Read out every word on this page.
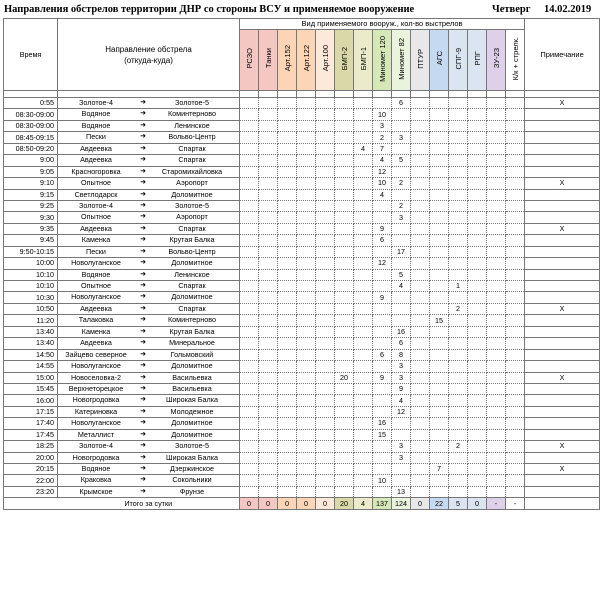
Направления обстрелов территории ДНР со стороны ВСУ и применяемое вооружение	Четверг 14.02.2019
Время	Направление обстрела (откуда-куда)	Вид применяемого вооруж., кол-во выстрелов															Примечание
		РСЗО	Танки	Арт.152	Арт.122	Арт.100	БМП-2	БМП-1	Миномет 120	Миномет 82	ПТУР	АГС	СПГ-9	РПГ	ЗУ-23	К/к + стрелк.	

0:55	Золотое-4 ➜ Золотое-5									6							X
08:30-09:00	Водяное ➜ Коминтерново								10								
08:30-09:00	Водяное ➜ Ленинское								3								
08:45-09:15	Пески ➜ Вольво-Центр								2	3							
08:50-09:20	Авдеевка ➜ Спартак							4	7								
9:00	Авдеевка ➜ Спартак								4	5							
9:05	Красногоровка ➜ Старомихайловка								12								
9:10	Опытное ➜ Аэропорт								10	2							X
9:15	Светлодарск ➜ Доломитное								4								
9:25	Золотое-4 ➜ Золотое-5									2							
9:30	Опытное ➜ Аэропорт									3							
9:35	Авдеевка ➜ Спартак								9								X
9:45	Каменка ➜ Крутая Балка								6								
9:50-10:15	Пески ➜ Вольво-Центр									17							
10:00	Новолуганское ➜ Доломитное								12								
10:10	Водяное ➜ Ленинское									5							
10:10	Опытное ➜ Спартак									4			1				
10:30	Новолуганское ➜ Доломитное								9								
10:50	Авдеевка ➜ Спартак												2				X
11:20	Талаковка ➜ Коминтерново											15					
13:40	Каменка ➜ Крутая Балка									16							
13:40	Авдеевка ➜ Минеральное									6							
14:50	Зайцево северное ➜ Гольмовский								6	8							
14:55	Новолуганское ➜ Доломитное									3							
15:00	Новоселовка-2 ➜ Васильевка						20		9	3							X
15:45	Верхнеторецкое ➜ Васильевка									9							
16:00	Новогродовка ➜ Широкая Балка									4							
17:15	Катериновка ➜ Молодежное									12							
17:40	Новолуганское ➜ Доломитное								16								
17:45	Металлист ➜ Доломитное								15								
18:25	Золотое-4 ➜ Золотое-5									3			2				X
20:00	Новогродовка ➜ Широкая Балка									3							
20:15	Водяное ➜ Дзержинское											7					X
22:00	Краковка ➜ Сокольники								10								
23:20	Крымское ➜ Фрунзе									13							
	Итого за сутки	0	0	0	0	0	20	4	137	124	0	22	5	0	-	-	
